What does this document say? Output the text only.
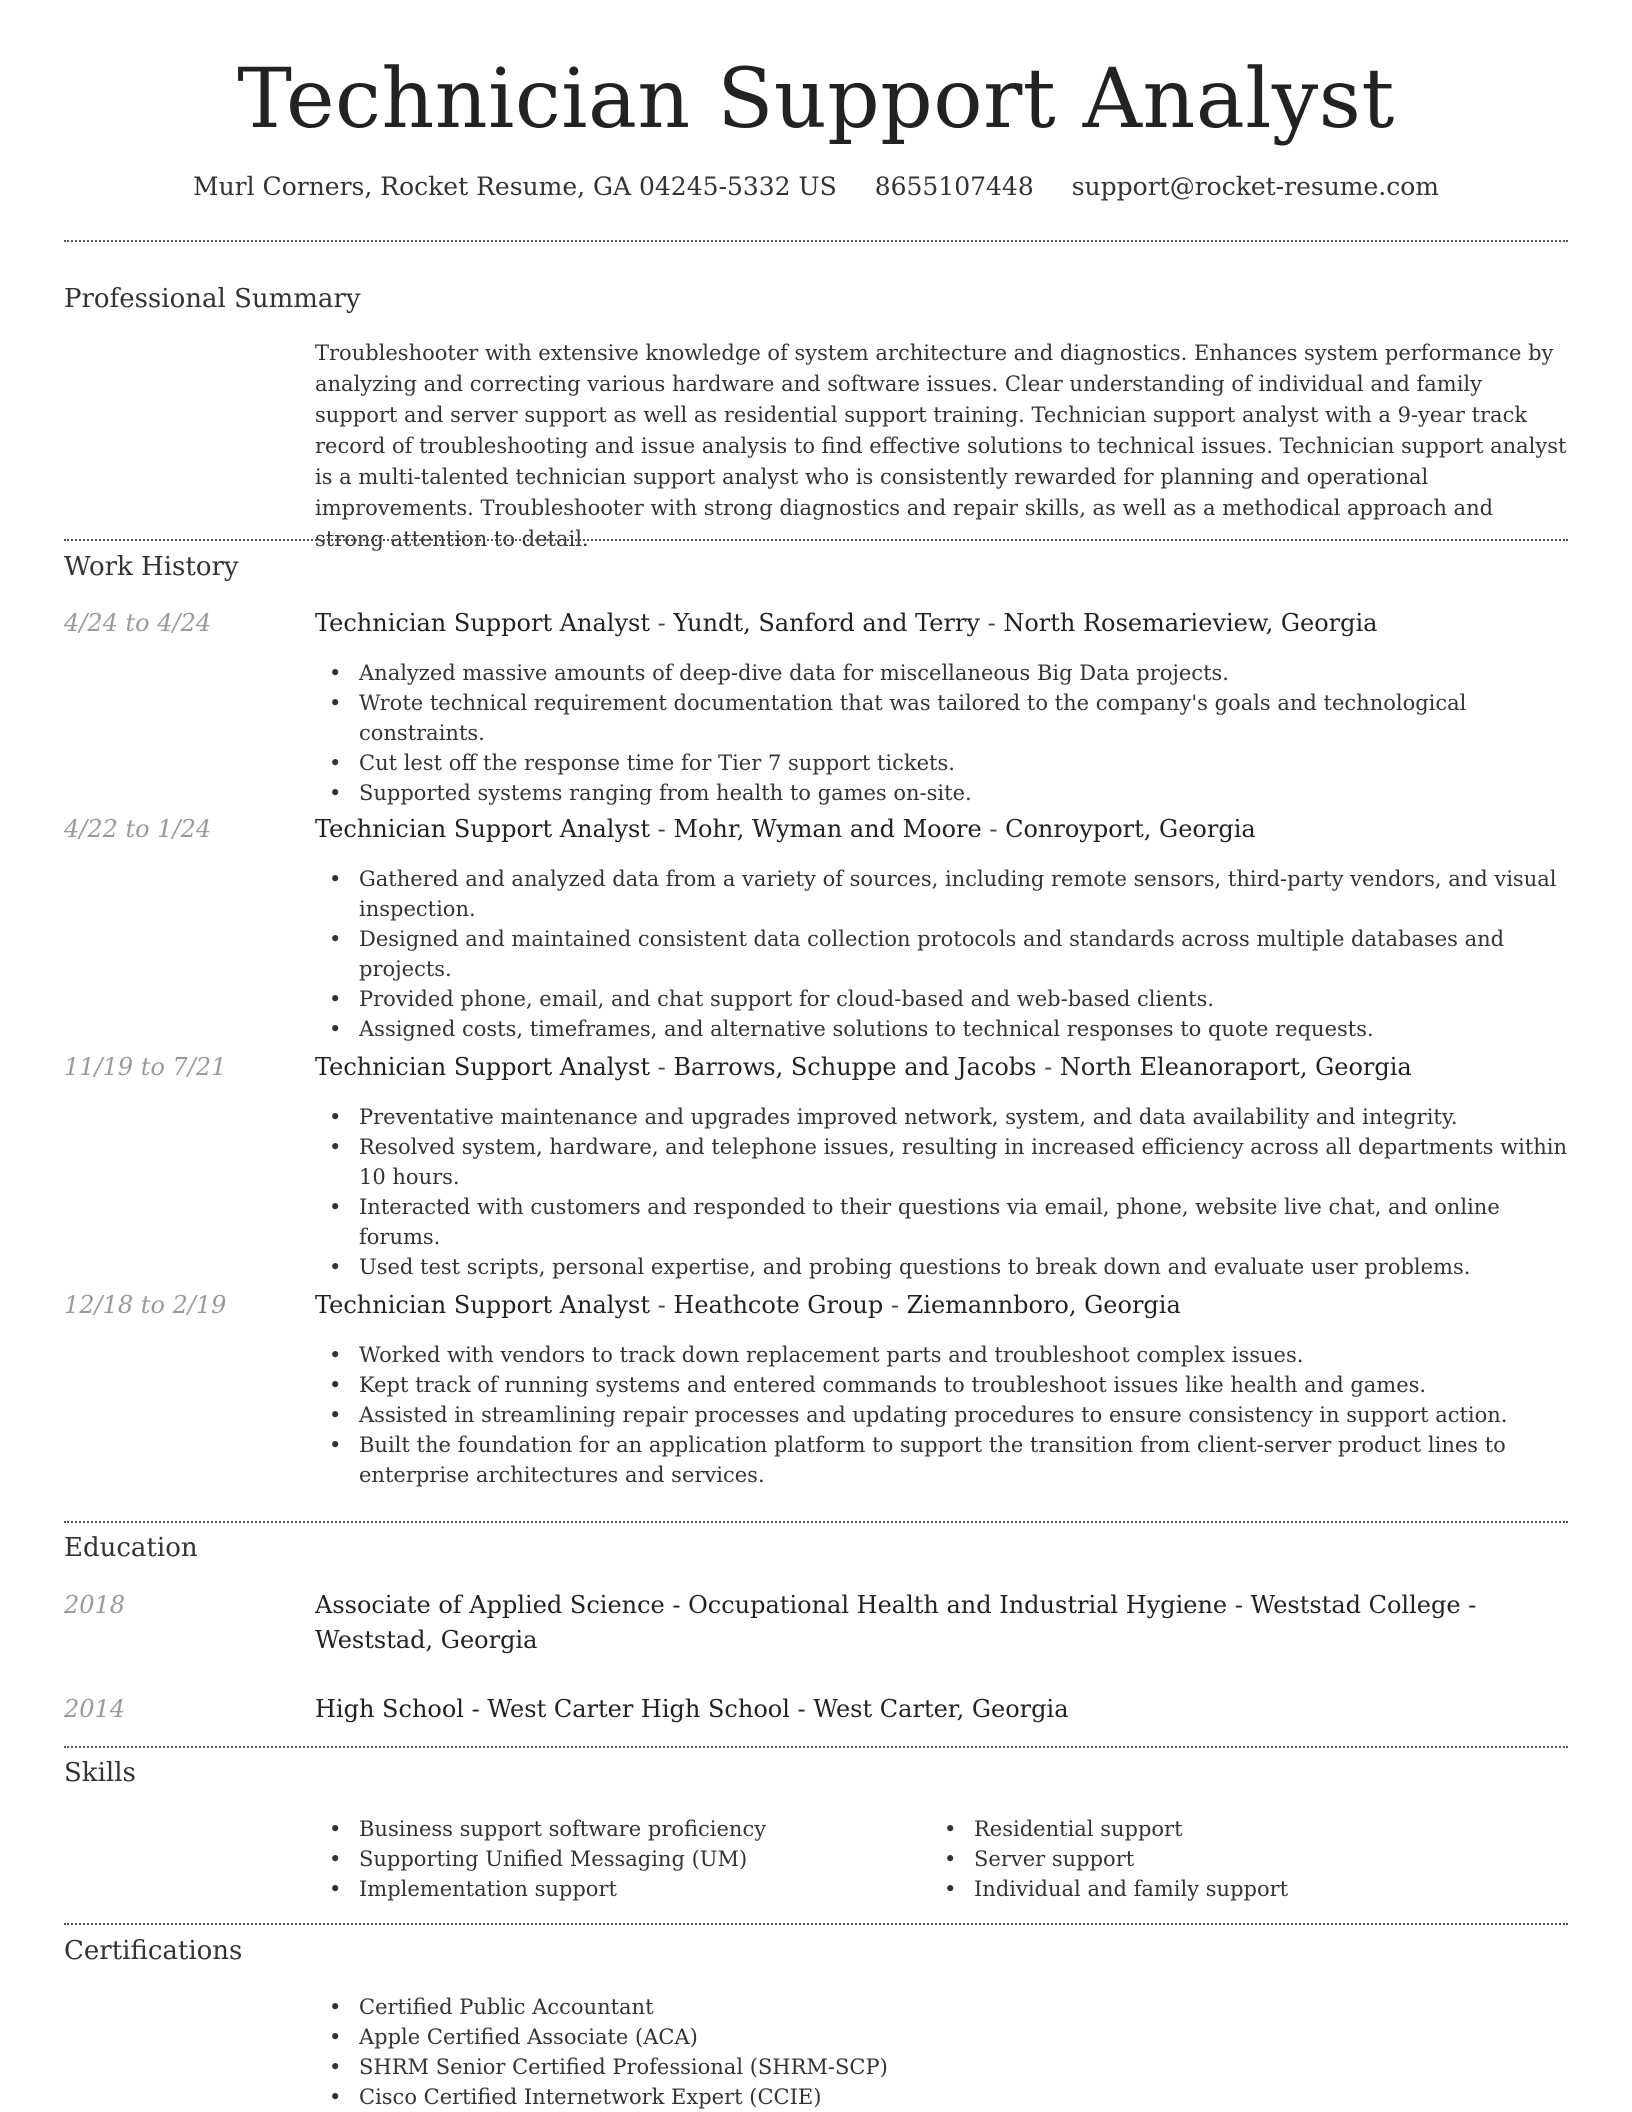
Technician Support Analyst
Murl Corners, Rocket Resume, GA 04245-5332 US 8655107448 support@rocket-resume.com
Professional Summary

Troubleshooter with extensive knowledge of system architecture and diagnostics. Enhances system performance by analyzing and correcting various hardware and software issues. Clear understanding of individual and family support and server support as well as residential support training. Technician support analyst with a 9-year track record of troubleshooting and issue analysis to find effective solutions to technical issues. Technician support analyst is a multi-talented technician support analyst who is consistently rewarded for planning and operational improvements. Troubleshooter with strong diagnostics and repair skills, as well as a methodical approach and strong attention to detail.

Work History
4/24 to 4/24	Technician Support Analyst - Yundt, Sanford and Terry - North Rosemarieview, Georgia
• Analyzed massive amounts of deep-dive data for miscellaneous Big Data projects.
• Wrote technical requirement documentation that was tailored to the company's goals and technological constraints.
• Cut lest off the response time for Tier 7 support tickets.
• Supported systems ranging from health to games on-site.
4/22 to 1/24	Technician Support Analyst - Mohr, Wyman and Moore - Conroyport, Georgia
• Gathered and analyzed data from a variety of sources, including remote sensors, third-party vendors, and visual inspection.
• Designed and maintained consistent data collection protocols and standards across multiple databases and projects.
• Provided phone, email, and chat support for cloud-based and web-based clients.
• Assigned costs, timeframes, and alternative solutions to technical responses to quote requests.
11/19 to 7/21	Technician Support Analyst - Barrows, Schuppe and Jacobs - North Eleanoraport, Georgia
• Preventative maintenance and upgrades improved network, system, and data availability and integrity.
• Resolved system, hardware, and telephone issues, resulting in increased efficiency across all departments within 10 hours.
• Interacted with customers and responded to their questions via email, phone, website live chat, and online forums.
• Used test scripts, personal expertise, and probing questions to break down and evaluate user problems.
12/18 to 2/19	Technician Support Analyst - Heathcote Group - Ziemannboro, Georgia
• Worked with vendors to track down replacement parts and troubleshoot complex issues.
• Kept track of running systems and entered commands to troubleshoot issues like health and games.
• Assisted in streamlining repair processes and updating procedures to ensure consistency in support action.
• Built the foundation for an application platform to support the transition from client-server product lines to enterprise architectures and services.
Education
2018	Associate of Applied Science - Occupational Health and Industrial Hygiene - Weststad College - Weststad, Georgia
2014	High School - West Carter High School - West Carter, Georgia
Skills
• Business support software proficiency
• Supporting Unified Messaging (UM)
• Implementation support
• Residential support
• Server support
• Individual and family support
Certifications
• Certified Public Accountant
• Apple Certified Associate (ACA)
• SHRM Senior Certified Professional (SHRM-SCP)
• Cisco Certified Internetwork Expert (CCIE)
